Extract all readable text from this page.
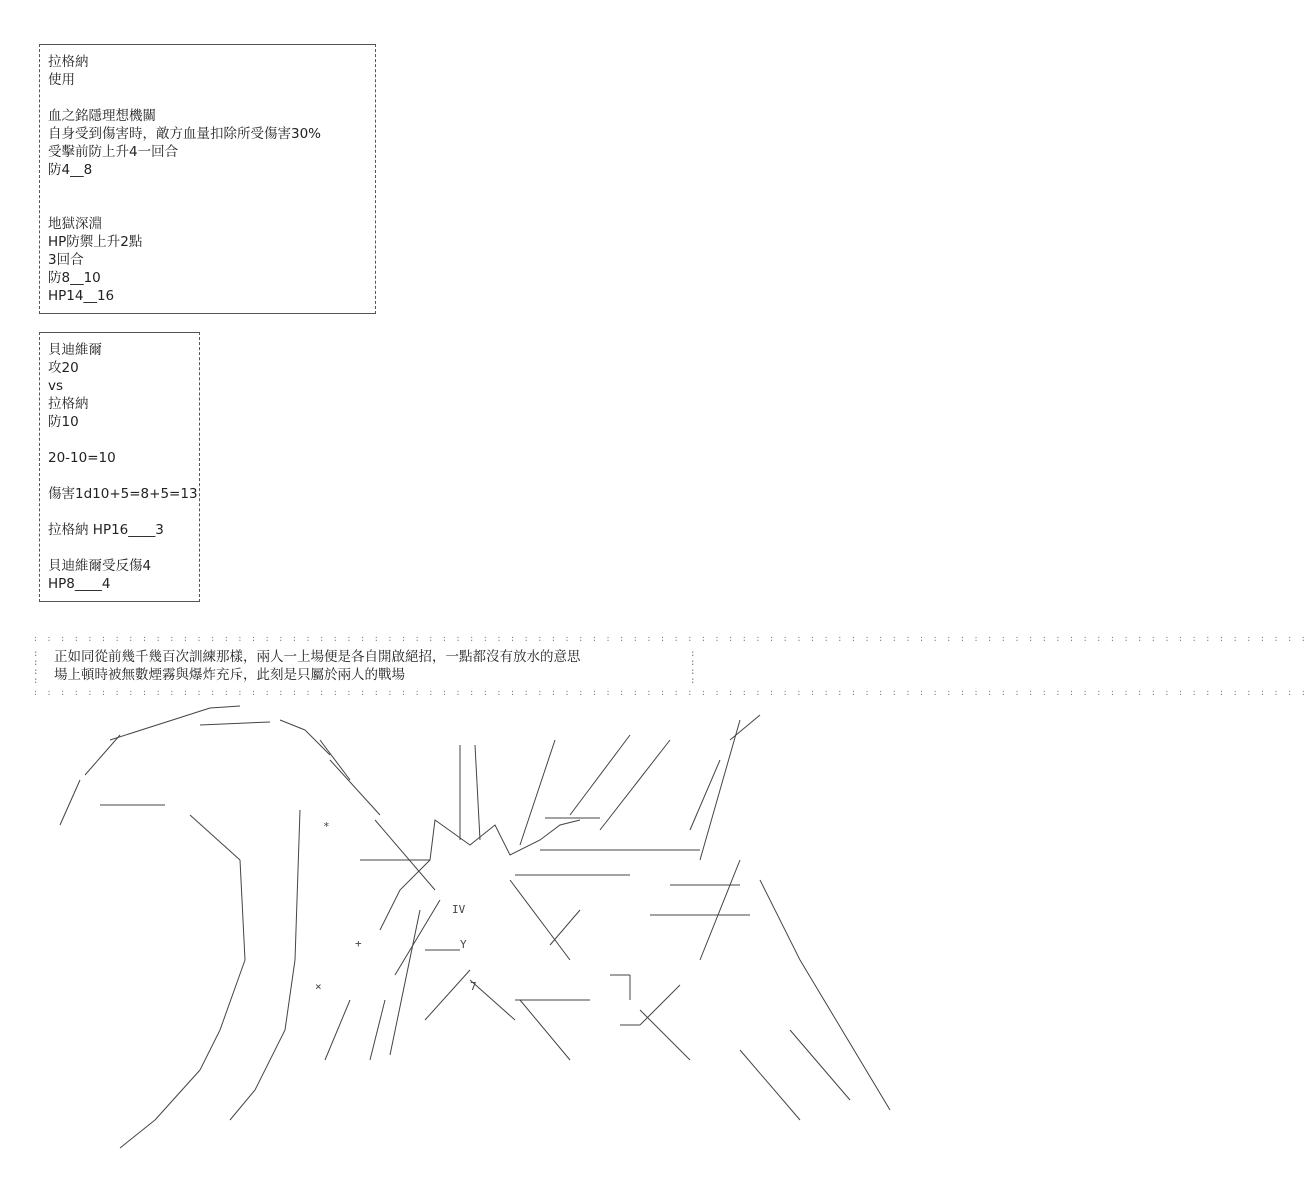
拉格納
使用
血之銘隱理想機關
自身受到傷害時，敵方血量扣除所受傷害30%
受擊前防上升4一回合
防4__8
地獄深淵
HP防禦上升2點
3回合
防8__10
HP14__16
貝迪維爾
攻20
vs
拉格納
防10
20-10=10
傷害1d10+5=8+5=13
拉格納 HP16____3
貝迪維爾受反傷4
HP8____4
: : : : : : : : : : : : : : : : : : : : : : : : : : : : : : : : : : : : : : : : : : : : : : : : : : : : : : : : : : : : : : : : : : : : : : : : : : : : : : : : : : : : : : : : : : : : : :
:
:
:
:
:
:
:
:
正如同從前幾千幾百次訓練那樣，兩人一上場便是各自開啟絕招，一點都沒有放水的意思
場上頓時被無數煙霧與爆炸充斥，此刻是只屬於兩人的戰場
: : : : : : : : : : : : : : : : : : : : : : : : : : : : : : : : : : : : : : : : : : : : : : : : : : : : : : : : : : : : : : : : : : : : : : : : : : : : : : : : : : : : : : : : : : : : : :
IV
Y
+
*
×	7
